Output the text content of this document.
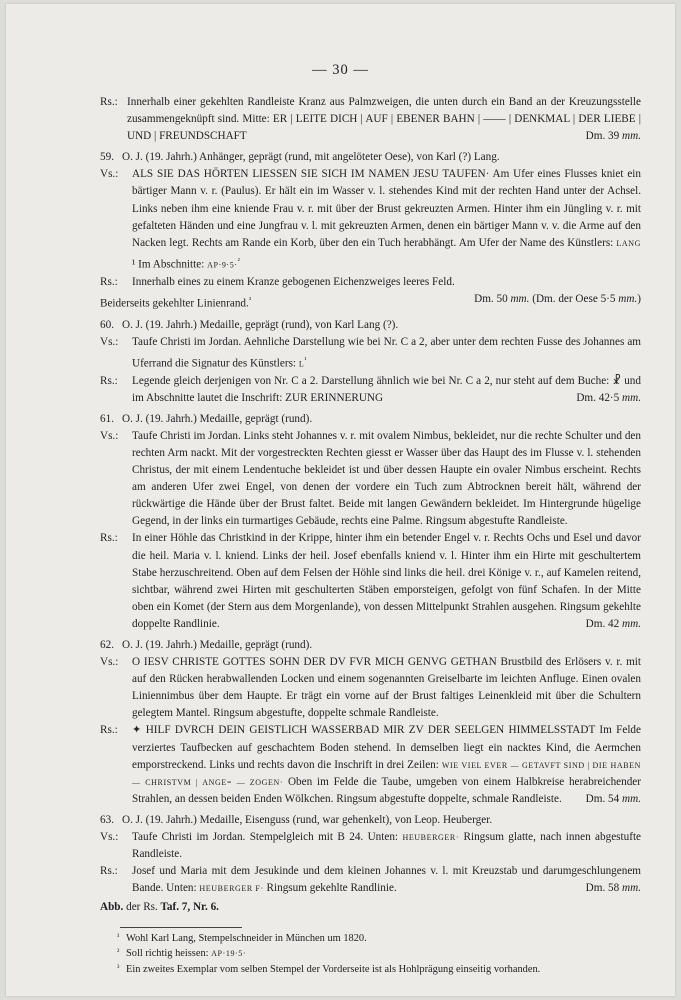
— 30 —

Rs.: Innerhalb einer gekehlten Randleiste Kranz aus Palmzweigen, die unten durch ein Band an der Kreuzungsstelle zusammengeknüpft sind. Mitte: ER | LEITE DICH | AUF | EBENER BAHN | —— | DENKMAL | DER LIEBE | UND | FREUNDSCHAFT	Dm. 39 mm.

59. O. J. (19. Jahrh.) Anhänger, geprägt (rund, mit angelöteter Oese), von Karl (?) Lang.

Vs.: ALS SIE DAS HÖRTEN LIESSEN SIE SICH IM NAMEN JESU TAUFEN· Am Ufer eines Flusses kniet ein bärtiger Mann v. r. (Paulus). Er hält ein im Wasser v. l. stehendes Kind mit der rechten Hand unter der Achsel. Links neben ihm eine kniende Frau v. r. mit über der Brust gekreuzten Armen. Hinter ihm ein Jüngling v. r. mit gefalteten Händen und eine Jungfrau v. l. mit gekreuzten Armen, denen ein bärtiger Mann v. v. die Arme auf den Nacken legt. Rechts am Rande ein Korb, über den ein Tuch herabhängt. Am Ufer der Name des Künstlers: LANG ¹ Im Abschnitte: AP·9·5·$^{^2}$

Rs.: Innerhalb eines zu einem Kranze gebogenen Eichenzweiges leeres Feld.

Beiderseits gekehlter Linienrand.$^{^3}$	Dm. 50 mm. (Dm. der Oese 5·5 mm.)

60. O. J. (19. Jahrh.) Medaille, geprägt (rund), von Karl Lang (?).

Vs.: Taufe Christi im Jordan. Aehnliche Darstellung wie bei Nr. C a 2, aber unter dem rechten Fusse des Johannes am Uferrand die Signatur des Künstlers: $L^{^1}$

Rs.: Legende gleich derjenigen von Nr. C a 2. Darstellung ähnlich wie bei Nr. C a 2, nur steht auf dem Buche: ☧ und im Abschnitte lautet die Inschrift: ZUR ERINNERUNG	Dm. 42·5 mm.

61. O. J. (19. Jahrh.) Medaille, geprägt (rund).

Vs.: Taufe Christi im Jordan. Links steht Johannes v. r. mit ovalem Nimbus, bekleidet, nur die rechte Schulter und den rechten Arm nackt. Mit der vorgestreckten Rechten giesst er Wasser über das Haupt des im Flusse v. l. stehenden Christus, der mit einem Lendentuche bekleidet ist und über dessen Haupte ein ovaler Nimbus erscheint. Rechts am anderen Ufer zwei Engel, von denen der vordere ein Tuch zum Abtrocknen bereit hält, während der rückwärtige die Hände über der Brust faltet. Beide mit langen Gewändern bekleidet. Im Hintergrunde hügelige Gegend, in der links ein turmartiges Gebäude, rechts eine Palme. Ringsum abgestufte Randleiste.

Rs.: In einer Höhle das Christkind in der Krippe, hinter ihm ein betender Engel v. r. Rechts Ochs und Esel und davor die heil. Maria v. l. kniend. Links der heil. Josef ebenfalls kniend v. l. Hinter ihm ein Hirte mit geschultertem Stabe herzuschreitend. Oben auf dem Felsen der Höhle sind links die heil. drei Könige v. r., auf Kamelen reitend, sichtbar, während zwei Hirten mit geschulterten Stäben emporsteigen, gefolgt von fünf Schafen. In der Mitte oben ein Komet (der Stern aus dem Morgenlande), von dessen Mittelpunkt Strahlen ausgehen. Ringsum gekehlte doppelte Randlinie.	Dm. 42 mm.

62. O. J. (19. Jahrh.) Medaille, geprägt (rund).

Vs.: O IESV CHRISTE GOTTES SOHN DER DV FVR MICH GENVG GETHAN Brustbild des Erlösers v. r. mit auf den Rücken herabwallenden Locken und einem sogenannten Greiselbarte im leichten Anfluge. Einen ovalen Liniennimbus über dem Haupte. Er trägt ein vorne auf der Brust faltiges Leinenkleid mit über die Schultern gelegtem Mantel. Ringsum abgestufte, doppelte schmale Randleiste.

Rs.: ✦ HILF DVRCH DEIN GEISTLICH WASSERBAD MIR ZV DER SEELGEN HIMMELSSTADT Im Felde verziertes Taufbecken auf geschachtem Boden stehend. In demselben liegt ein nacktes Kind, die Aermchen emporstreckend. Links und rechts davon die Inschrift in drei Zeilen: WIE VIEL EVER — GETAVFT SIND | DIE HABEN — CHRISTVM | ANGE= — ZOGEN· Oben im Felde die Taube, umgeben von einem Halbkreise herabreichender Strahlen, an dessen beiden Enden Wölkchen. Ringsum abgestufte doppelte, schmale Randleiste. Dm. 54 mm.

63. O. J. (19. Jahrh.) Medaille, Eisenguss (rund, war gehenkelt), von Leop. Heuberger.

Vs.: Taufe Christi im Jordan. Stempelgleich mit B 24. Unten: HEUBERGER· Ringsum glatte, nach innen abgestufte Randleiste.

Rs.: Josef und Maria mit dem Jesukinde und dem kleinen Johannes v. l. mit Kreuzstab und darumgeschlungenem Bande. Unten: HEUBERGER F· Ringsum gekehlte Randlinie.	Dm. 58 mm.

Abb. der Rs. Taf. 7, Nr. 6.

¹ Wohl Karl Lang, Stempelschneider in München um 1820.
² Soll richtig heissen: AP·19·5·
³ Ein zweites Exemplar vom selben Stempel der Vorderseite ist als Hohlprägung einseitig vorhanden.
